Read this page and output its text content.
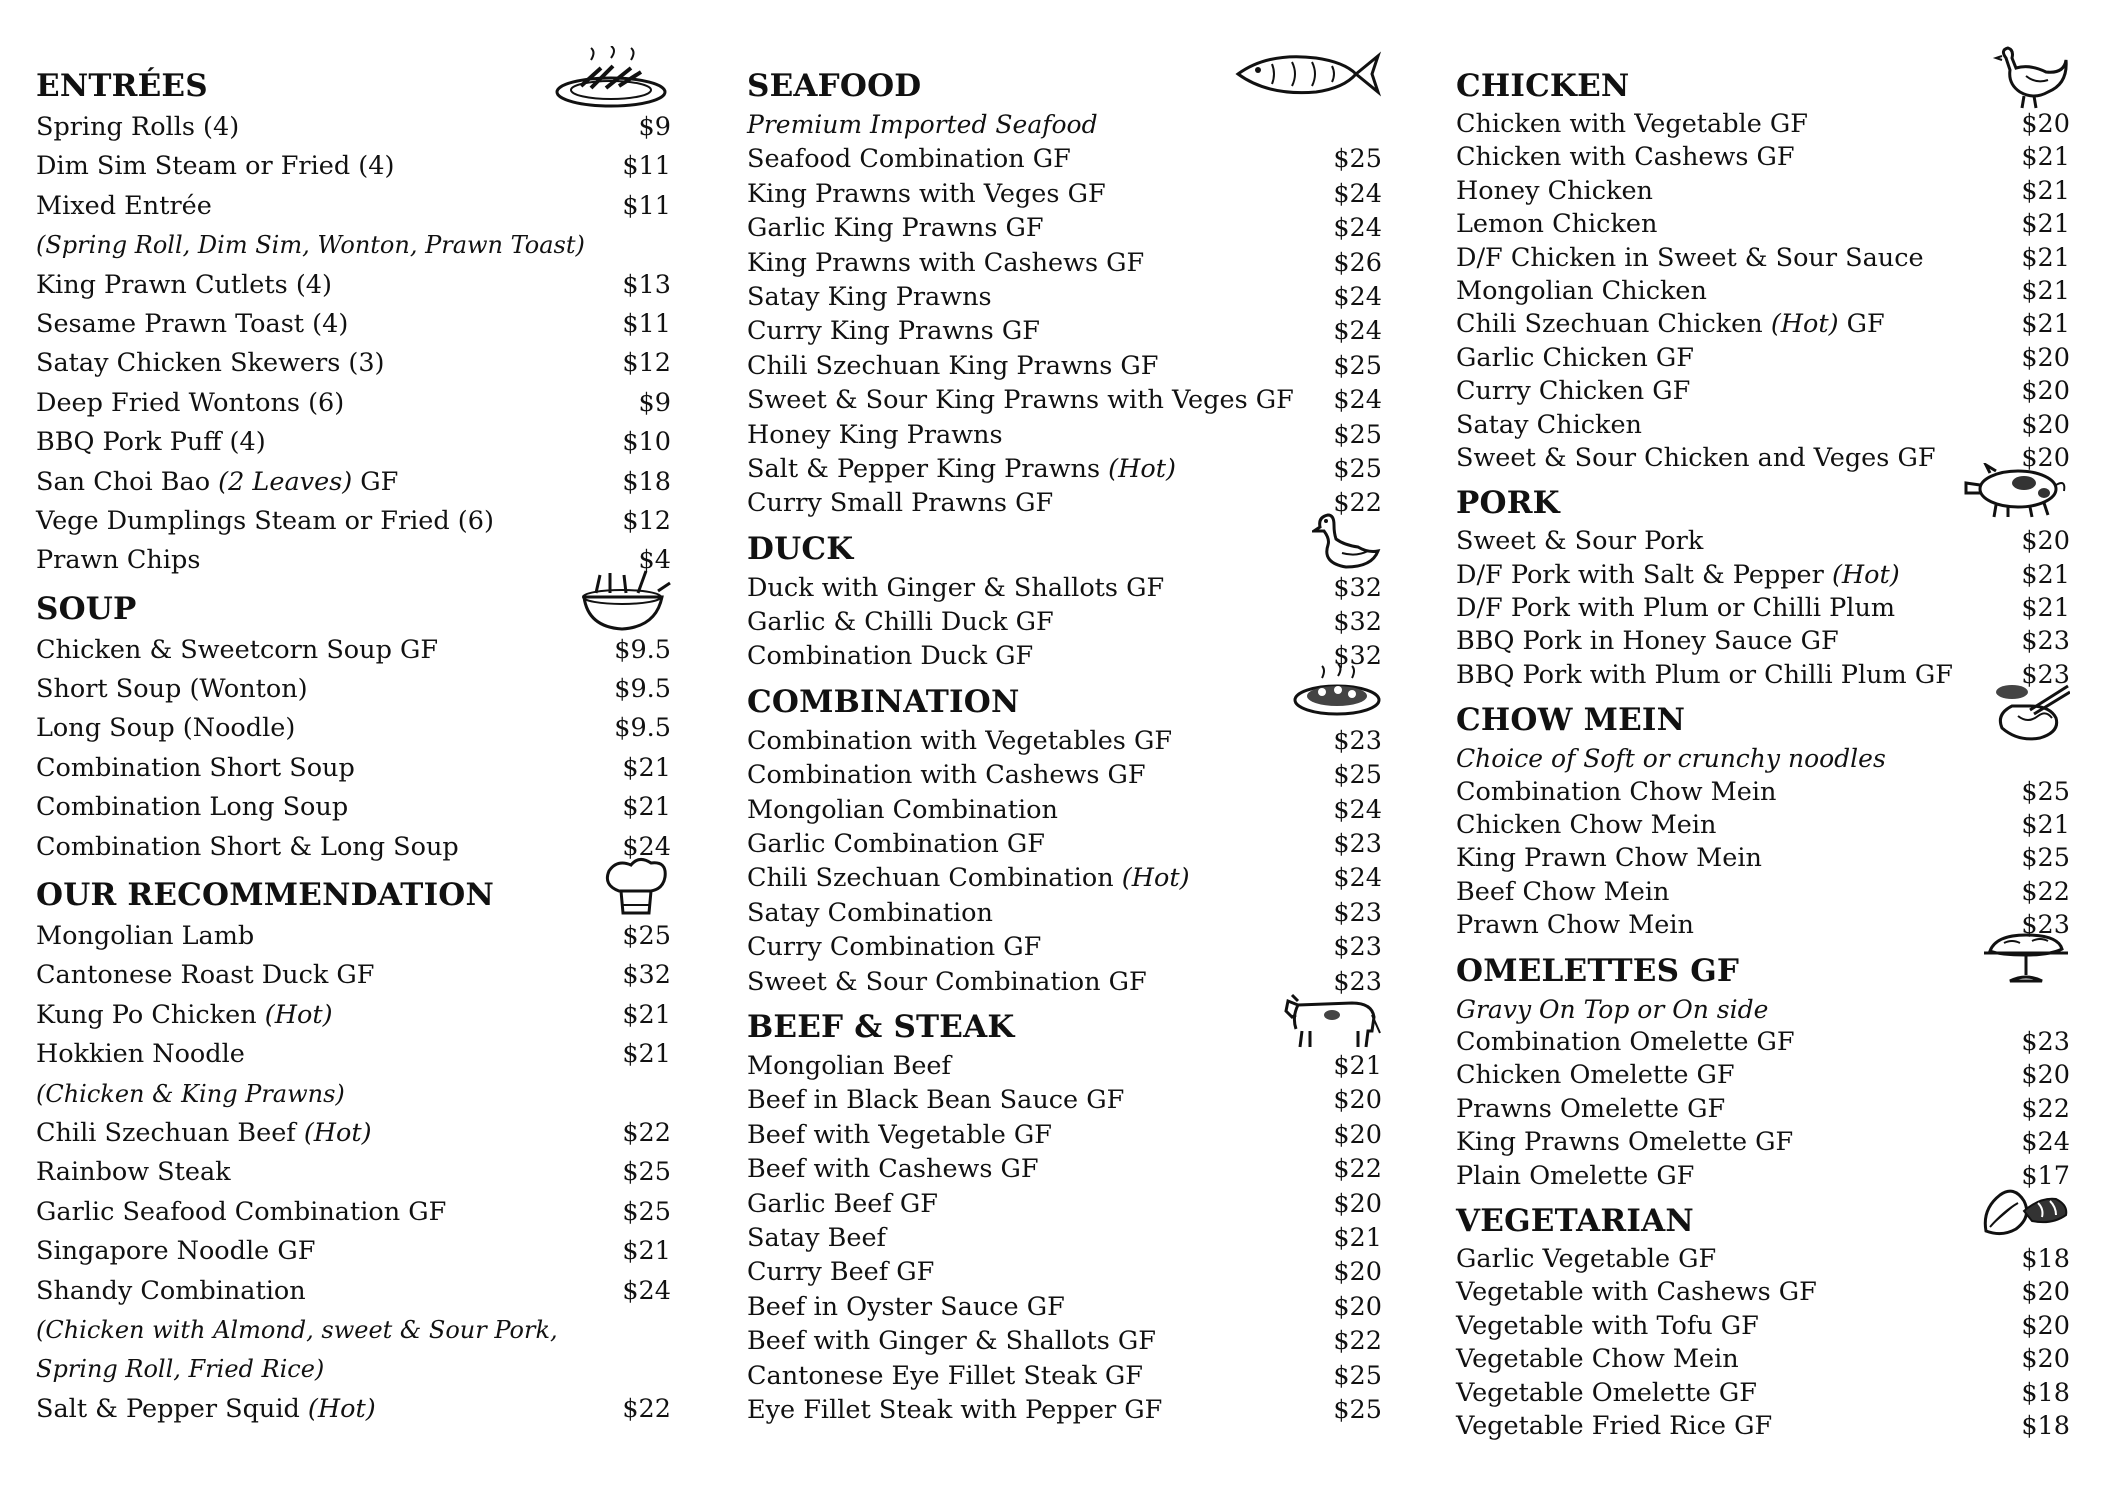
ENTRÉES
Spring Rolls (4)	$9
Dim Sim Steam or Fried (4)	$11
Mixed Entrée	$11
(Spring Roll, Dim Sim, Wonton, Prawn Toast)
King Prawn Cutlets (4)	$13
Sesame Prawn Toast (4)	$11
Satay Chicken Skewers (3)	$12
Deep Fried Wontons (6)	$9
BBQ Pork Puff (4)	$10
San Choi Bao (2 Leaves) GF	$18
Vege Dumplings Steam or Fried (6)	$12
Prawn Chips	$4
SOUP
Chicken & Sweetcorn Soup GF	$9.5
Short Soup (Wonton)	$9.5
Long Soup (Noodle)	$9.5
Combination Short Soup	$21
Combination Long Soup	$21
Combination Short & Long Soup	$24
OUR RECOMMENDATION
Mongolian Lamb	$25
Cantonese Roast Duck GF	$32
Kung Po Chicken (Hot)	$21
Hokkien Noodle	$21
(Chicken & King Prawns)
Chili Szechuan Beef (Hot)	$22
Rainbow Steak	$25
Garlic Seafood Combination GF	$25
Singapore Noodle GF	$21
Shandy Combination	$24
(Chicken with Almond, sweet & Sour Pork,
Spring Roll, Fried Rice)
Salt & Pepper Squid (Hot)	$22
SEAFOOD
Premium Imported Seafood
Seafood Combination GF	$25
King Prawns with Veges GF	$24
Garlic King Prawns GF	$24
King Prawns with Cashews GF	$26
Satay King Prawns	$24
Curry King Prawns GF	$24
Chili Szechuan King Prawns GF	$25
Sweet & Sour King Prawns with Veges GF $24
Honey King Prawns	$25
Salt & Pepper King Prawns (Hot)	$25
Curry Small Prawns GF	$22
DUCK
Duck with Ginger & Shallots GF	$32
Garlic & Chilli Duck GF	$32
Combination Duck GF	$32
COMBINATION
Combination with Vegetables GF	$23
Combination with Cashews GF	$25
Mongolian Combination	$24
Garlic Combination GF	$23
Chili Szechuan Combination (Hot)	$24
Satay Combination	$23
Curry Combination GF	$23
Sweet & Sour Combination GF	$23
BEEF & STEAK
Mongolian Beef	$21
Beef in Black Bean Sauce GF	$20
Beef with Vegetable GF	$20
Beef with Cashews GF	$22
Garlic Beef GF	$20
Satay Beef	$21
Curry Beef GF	$20
Beef in Oyster Sauce GF	$20
Beef with Ginger & Shallots GF	$22
Cantonese Eye Fillet Steak GF	$25
Eye Fillet Steak with Pepper GF	$25
CHICKEN
Chicken with Vegetable GF	$20
Chicken with Cashews GF	$21
Honey Chicken	$21
Lemon Chicken	$21
D/F Chicken in Sweet & Sour Sauce	$21
Mongolian Chicken	$21
Chili Szechuan Chicken (Hot) GF	$21
Garlic Chicken GF	$20
Curry Chicken GF	$20
Satay Chicken	$20
Sweet & Sour Chicken and Veges GF	$20
PORK
Sweet & Sour Pork	$20
D/F Pork with Salt & Pepper (Hot)	$21
D/F Pork with Plum or Chilli Plum	$21
BBQ Pork in Honey Sauce GF	$23
BBQ Pork with Plum or Chilli Plum GF	$23
CHOW MEIN
Choice of Soft or crunchy noodles
Combination Chow Mein	$25
Chicken Chow Mein	$21
King Prawn Chow Mein	$25
Beef Chow Mein	$22
Prawn Chow Mein	$23
OMELETTES GF
Gravy On Top or On side
Combination Omelette GF	$23
Chicken Omelette GF	$20
Prawns Omelette GF	$22
King Prawns Omelette GF	$24
Plain Omelette GF	$17
VEGETARIAN
Garlic Vegetable GF	$18
Vegetable with Cashews GF	$20
Vegetable with Tofu GF	$20
Vegetable Chow Mein	$20
Vegetable Omelette GF	$18
Vegetable Fried Rice GF	$18
